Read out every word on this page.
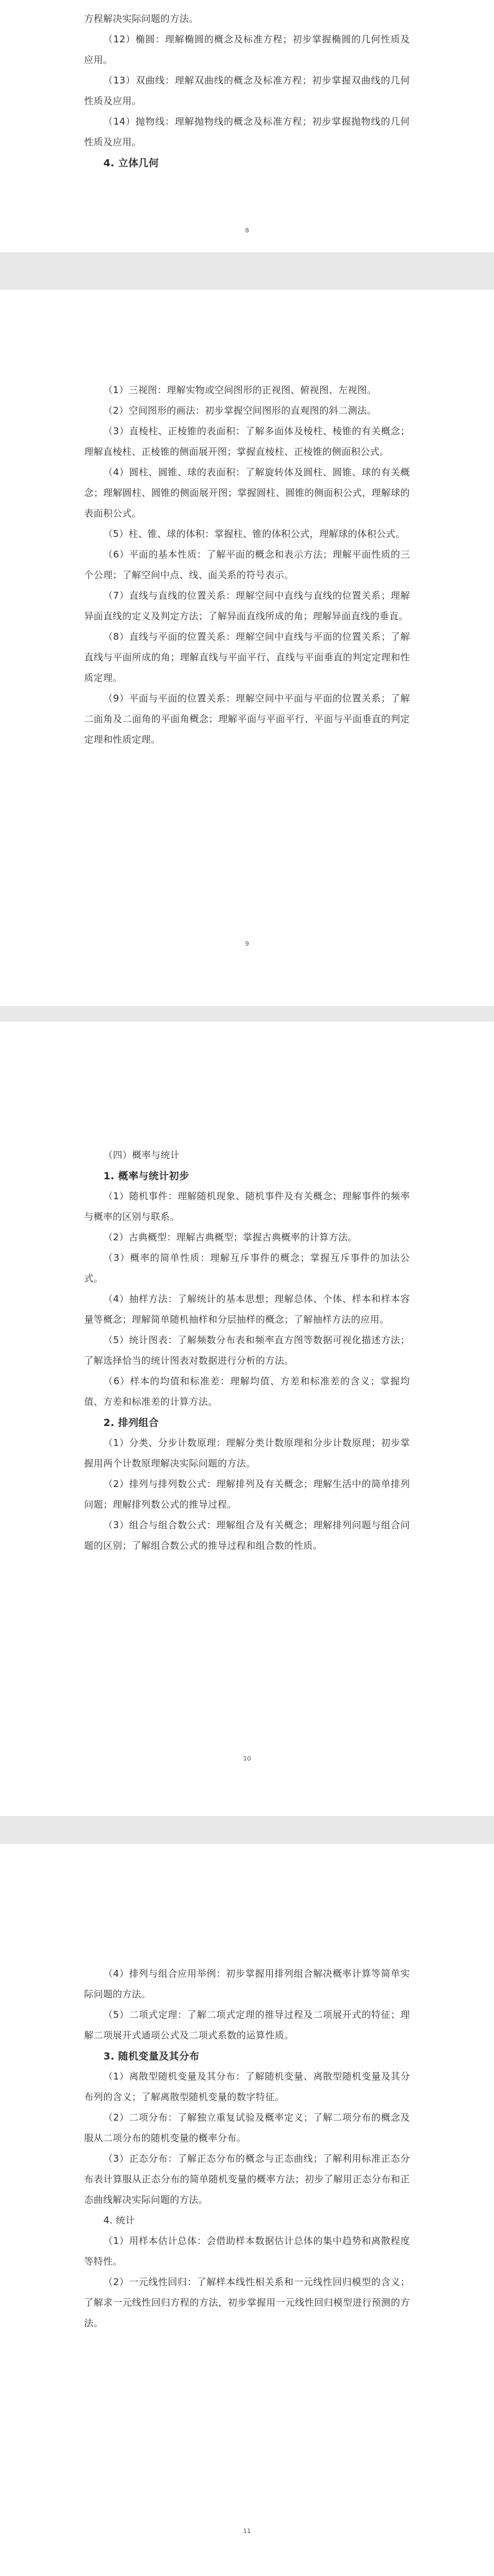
方程解决实际问题的方法。

（12）椭圆：理解椭圆的概念及标准方程；初步掌握椭圆的几何性质及应用。

（13）双曲线：理解双曲线的概念及标准方程；初步掌握双曲线的几何性质及应用。

（14）抛物线：理解抛物线的概念及标准方程；初步掌握抛物线的几何性质及应用。

4. 立体几何

8

（1）三视图：理解实物或空间图形的正视图、俯视图、左视图。

（2）空间图形的画法：初步掌握空间图形的直观图的斜二测法。

（3）直棱柱、正棱锥的表面积：了解多面体及棱柱、棱锥的有关概念；理解直棱柱、正棱锥的侧面展开图；掌握直棱柱、正棱锥的侧面积公式。

（4）圆柱、圆锥、球的表面积：了解旋转体及圆柱、圆锥、球的有关概念；理解圆柱、圆锥的侧面展开图；掌握圆柱、圆锥的侧面积公式，理解球的表面积公式。

（5）柱、锥、球的体积：掌握柱、锥的体积公式，理解球的体积公式。

（6）平面的基本性质：了解平面的概念和表示方法；理解平面性质的三个公理；了解空间中点、线、面关系的符号表示。

（7）直线与直线的位置关系：理解空间中直线与直线的位置关系；理解异面直线的定义及判定方法；了解异面直线所成的角；理解异面直线的垂直。

（8）直线与平面的位置关系：理解空间中直线与平面的位置关系；了解直线与平面所成的角；理解直线与平面平行、直线与平面垂直的判定定理和性质定理。

（9）平面与平面的位置关系：理解空间中平面与平面的位置关系；了解二面角及二面角的平面角概念；理解平面与平面平行、平面与平面垂直的判定定理和性质定理。

9

（四）概率与统计

1. 概率与统计初步

（1）随机事件：理解随机现象、随机事件及有关概念；理解事件的频率与概率的区别与联系。

（2）古典概型：理解古典概型；掌握古典概率的计算方法。

（3）概率的简单性质：理解互斥事件的概念；掌握互斥事件的加法公式。

（4）抽样方法：了解统计的基本思想；理解总体、个体、样本和样本容量等概念；理解简单随机抽样和分层抽样的概念；了解抽样方法的应用。

（5）统计图表：了解频数分布表和频率直方图等数据可视化描述方法；了解选择恰当的统计图表对数据进行分析的方法。

（6）样本的均值和标准差：理解均值、方差和标准差的含义；掌握均值、方差和标准差的计算方法。

2. 排列组合

（1）分类、分步计数原理：理解分类计数原理和分步计数原理；初步掌握用两个计数原理解决实际问题的方法。

（2）排列与排列数公式：理解排列及有关概念；理解生活中的简单排列问题；理解排列数公式的推导过程。

（3）组合与组合数公式：理解组合及有关概念；理解排列问题与组合问题的区别；了解组合数公式的推导过程和组合数的性质。

10

（4）排列与组合应用举例：初步掌握用排列组合解决概率计算等简单实际问题的方法。

（5）二项式定理：了解二项式定理的推导过程及二项展开式的特征；理解二项展开式通项公式及二项式系数的运算性质。

3. 随机变量及其分布

（1）离散型随机变量及其分布：了解随机变量、离散型随机变量及其分布列的含义；了解离散型随机变量的数字特征。

（2）二项分布：了解独立重复试验及概率定义；了解二项分布的概念及服从二项分布的随机变量的概率分布。

（3）正态分布：了解正态分布的概念与正态曲线；了解利用标准正态分布表计算服从正态分布的简单随机变量的概率方法；初步了解用正态分布和正态曲线解决实际问题的方法。

4. 统计

（1）用样本估计总体：会借助样本数据估计总体的集中趋势和离散程度等特性。

（2）一元线性回归：了解样本线性相关系和一元线性回归模型的含义；了解求一元线性回归方程的方法，初步掌握用一元线性回归模型进行预测的方法。

11
